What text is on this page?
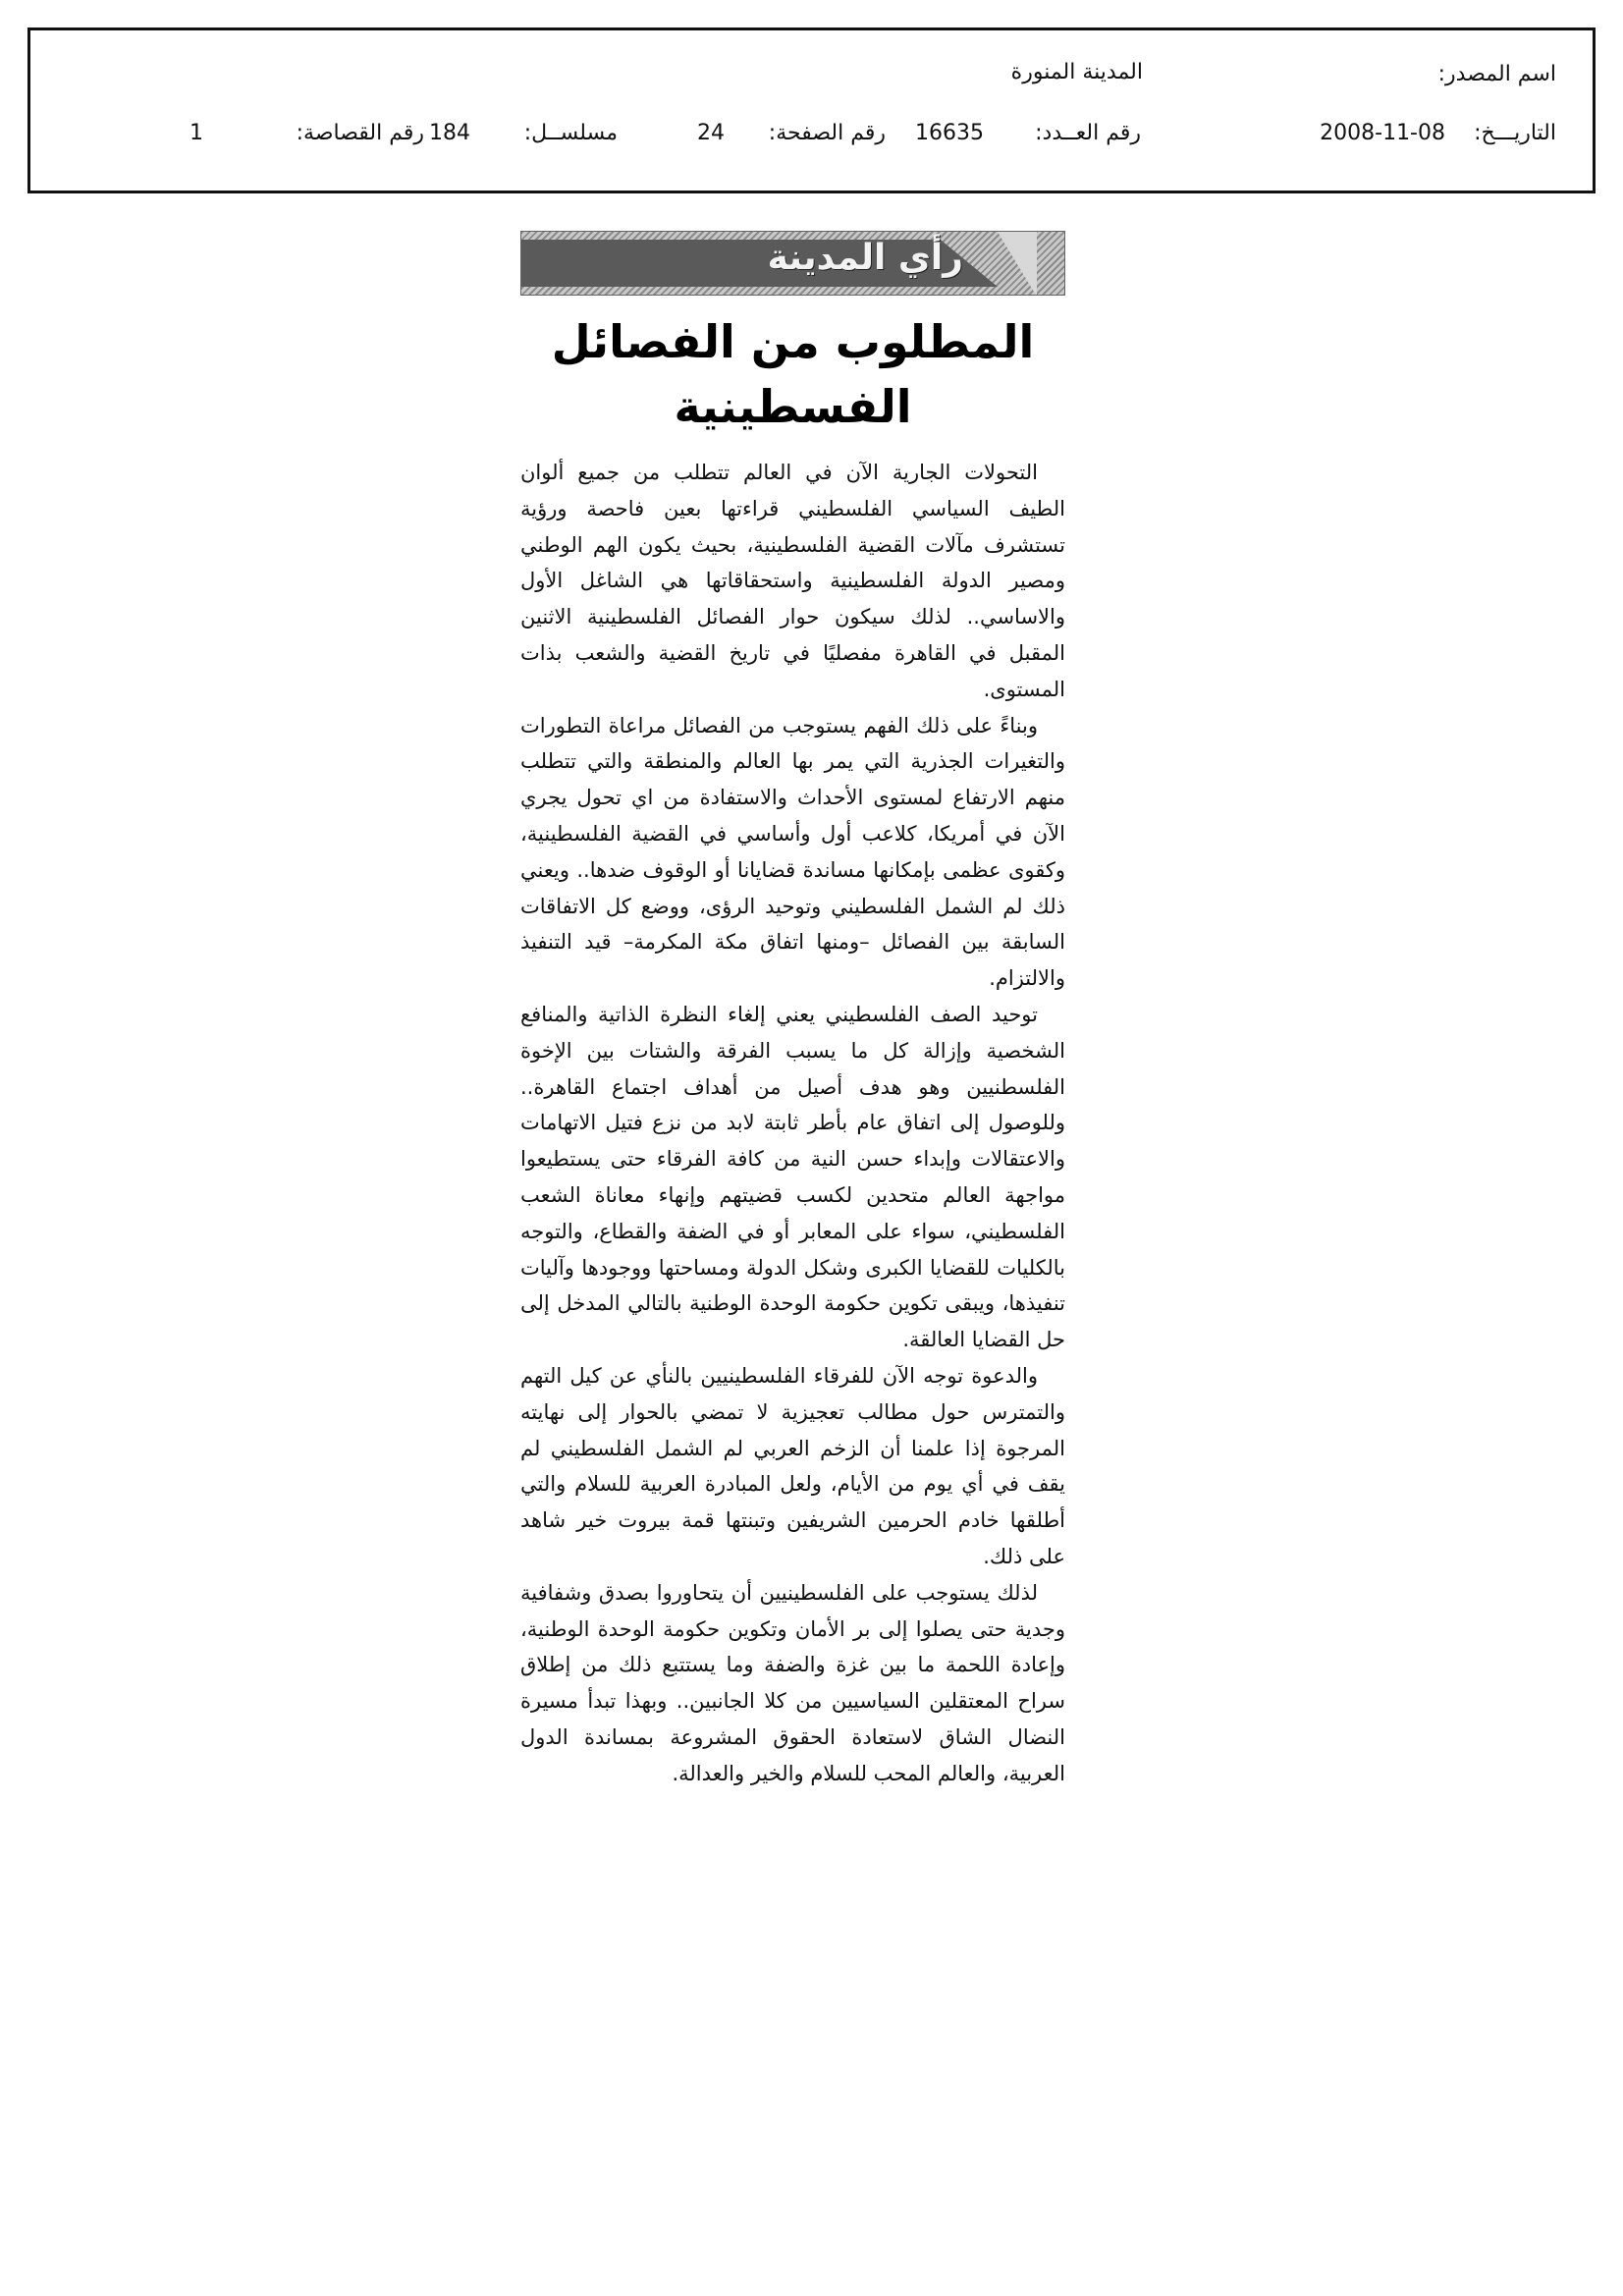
اسم المصدر:
المدينة المنورة
التاريـــخ:
2008-11-08
رقم العــدد:
16635
رقم الصفحة:
24
مسلســل:
184
رقم القصاصة:
1
رأي المدينة
المطلوب من الفصائل الفسطينية

التحولات الجارية الآن في العالم تتطلب من جميع ألوان الطيف السياسي الفلسطيني قراءتها بعين فاحصة ورؤية تستشرف مآلات القضية الفلسطينية، بحيث يكون الهم الوطني ومصير الدولة الفلسطينية واستحقاقاتها هي الشاغل الأول والاساسي.. لذلك سيكون حوار الفصائل الفلسطينية الاثنين المقبل في القاهرة مفصليًا في تاريخ القضية والشعب بذات المستوى.

وبناءً على ذلك الفهم يستوجب من الفصائل مراعاة التطورات والتغيرات الجذرية التي يمر بها العالم والمنطقة والتي تتطلب منهم الارتفاع لمستوى الأحداث والاستفادة من اي تحول يجري الآن في أمريكا، كلاعب أول وأساسي في القضية الفلسطينية، وكقوى عظمى بإمكانها مساندة قضايانا أو الوقوف ضدها.. ويعني ذلك لم الشمل الفلسطيني وتوحيد الرؤى، ووضع كل الاتفاقات السابقة بين الفصائل –ومنها اتفاق مكة المكرمة– قيد التنفيذ والالتزام.

توحيد الصف الفلسطيني يعني إلغاء النظرة الذاتية والمنافع الشخصية وإزالة كل ما يسبب الفرقة والشتات بين الإخوة الفلسطنيين وهو هدف أصيل من أهداف اجتماع القاهرة.. وللوصول إلى اتفاق عام بأطر ثابتة لابد من نزع فتيل الاتهامات والاعتقالات وإبداء حسن النية من كافة الفرقاء حتى يستطيعوا مواجهة العالم متحدين لكسب قضيتهم وإنهاء معاناة الشعب الفلسطيني، سواء على المعابر أو في الضفة والقطاع، والتوجه بالكليات للقضايا الكبرى وشكل الدولة ومساحتها ووجودها وآليات تنفيذها، ويبقى تكوين حكومة الوحدة الوطنية بالتالي المدخل إلى حل القضايا العالقة.

والدعوة توجه الآن للفرقاء الفلسطينيين بالنأي عن كيل التهم والتمترس حول مطالب تعجيزية لا تمضي بالحوار إلى نهايته المرجوة إذا علمنا أن الزخم العربي لم الشمل الفلسطيني لم يقف في أي يوم من الأيام، ولعل المبادرة العربية للسلام والتي أطلقها خادم الحرمين الشريفين وتبنتها قمة بيروت خير شاهد على ذلك.

لذلك يستوجب على الفلسطينيين أن يتحاوروا بصدق وشفافية وجدية حتى يصلوا إلى بر الأمان وتكوين حكومة الوحدة الوطنية، وإعادة اللحمة ما بين غزة والضفة وما يستتبع ذلك من إطلاق سراح المعتقلين السياسيين من كلا الجانبين.. وبهذا تبدأ مسيرة النضال الشاق لاستعادة الحقوق المشروعة بمساندة الدول العربية، والعالم المحب للسلام والخير والعدالة.
